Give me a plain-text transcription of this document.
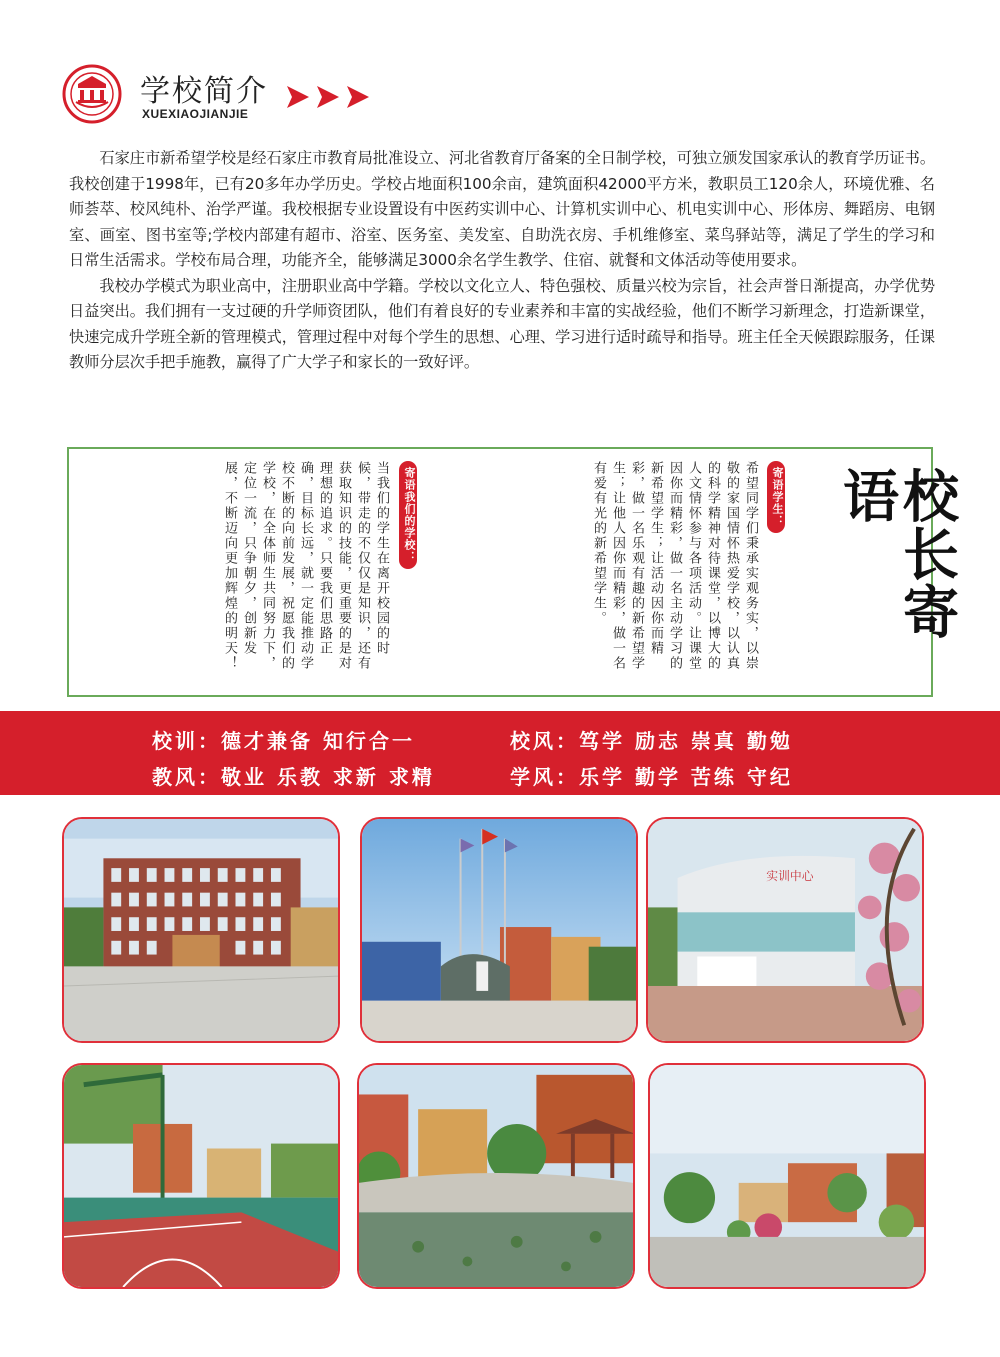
学校简介
XUEXIAOJIANJIE

石家庄市新希望学校是经石家庄市教育局批准设立、河北省教育厅备案的全日制学校，可独立颁发国家承认的教育学历证书。我校创建于1998年，已有20多年办学历史。学校占地面积100余亩，建筑面积42000平方米，教职员工120余人，环境优雅、名师荟萃、校风纯朴、治学严谨。我校根据专业设置设有中医药实训中心、计算机实训中心、机电实训中心、形体房、舞蹈房、电钢室、画室、图书室等;学校内部建有超市、浴室、医务室、美发室、自助洗衣房、手机维修室、菜鸟驿站等，满足了学生的学习和日常生活需求。学校布局合理，功能齐全，能够满足3000余名学生教学、住宿、就餐和文体活动等使用要求。

我校办学模式为职业高中，注册职业高中学籍。学校以文化立人、特色强校、质量兴校为宗旨，社会声誉日渐提高，办学优势日益突出。我们拥有一支过硬的升学师资团队，他们有着良好的专业素养和丰富的实战经验，他们不断学习新理念，打造新课堂，快速完成升学班全新的管理模式，管理过程中对每个学生的思想、心理、学习进行适时疏导和指导。班主任全天候跟踪服务，任课教师分层次手把手施教，赢得了广大学子和家长的一致好评。

校长寄语
寄语学生：
希望同学们秉承实观务实，以崇敬的家国情怀热爱学校，以认真的科学精神对待课堂，以博大的人文情怀参与各项活动。让课堂因你而精彩，做一名主动学习的新希望学生；让活动因你而精彩，做一名乐观有趣的新希望学生；让他人因你而精彩，做一名有爱有光的新希望学生。
寄语我们的学校：
当我们的学生在离开校园的时候，带走的不仅仅是知识，还有获取知识的技能，更重要的是对理想的追求。只要我们思路正确，目标长远，就一定能推动学校不断的向前发展，祝愿我们的学校，在全体师生共同努力下，定位一流，只争朝夕，创新发展，不断迈向更加辉煌的明天！
校训：德才兼备 知行合一	校风：笃学 励志 崇真 勤勉
教风：敬业 乐教 求新 求精	学风：乐学 勤学 苦练 守纪
实训中心
